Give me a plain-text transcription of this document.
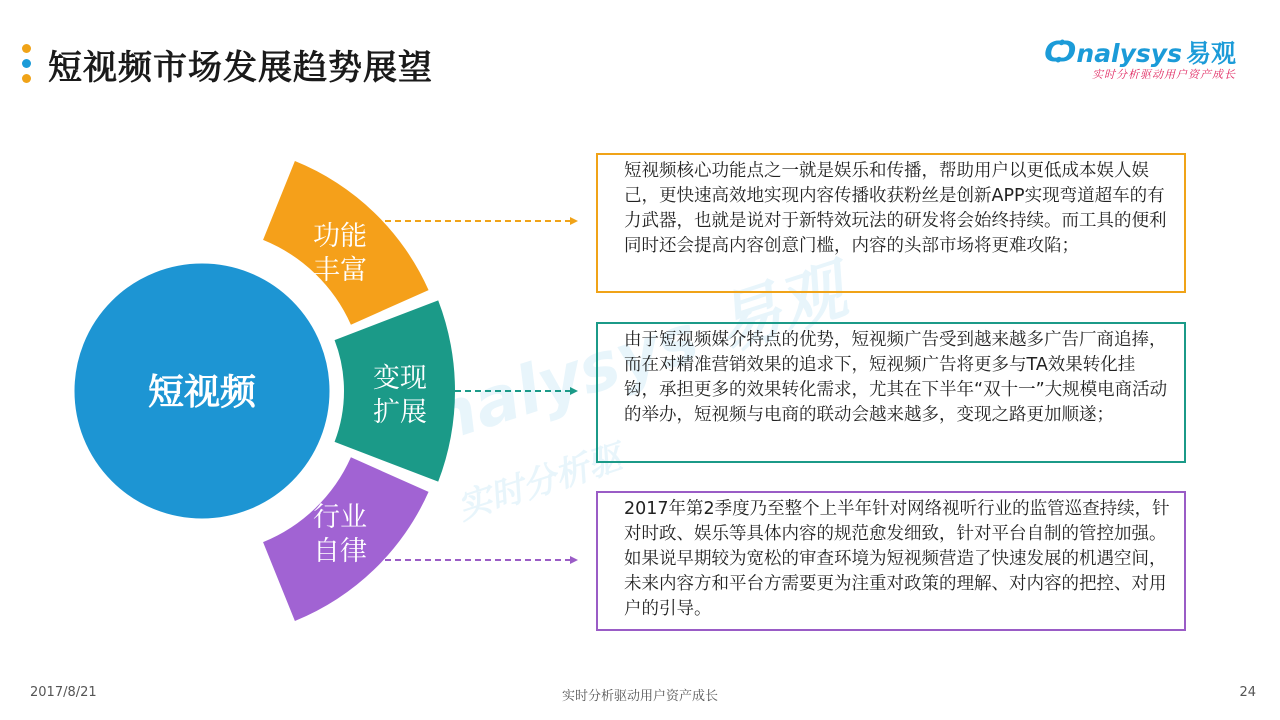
短视频市场发展趋势展望	Ѻnalysys 易观
实时分析驱动用户资产成长
nalysys 易观
实时分析驱
功能
丰富
变现
扩展
行业
自律
短视频

短视频核心功能点之一就是娱乐和传播，帮助用户以更低成本娱人娱己，更快速高效地实现内容传播收获粉丝是创新APP实现弯道超车的有力武器，也就是说对于新特效玩法的研发将会始终持续。而工具的便利同时还会提高内容创意门槛，内容的头部市场将更难攻陷；

由于短视频媒介特点的优势，短视频广告受到越来越多广告厂商追捧，而在对精准营销效果的追求下，短视频广告将更多与TA效果转化挂钩，承担更多的效果转化需求，尤其在下半年“双十一”大规模电商活动的举办，短视频与电商的联动会越来越多，变现之路更加顺遂；

2017年第2季度乃至整个上半年针对网络视听行业的监管巡查持续，针对时政、娱乐等具体内容的规范愈发细致，针对平台自制的管控加强。如果说早期较为宽松的审查环境为短视频营造了快速发展的机遇空间，未来内容方和平台方需要更为注重对政策的理解、对内容的把控、对用户的引导。

2017/8/21	实时分析驱动用户资产成长	24
